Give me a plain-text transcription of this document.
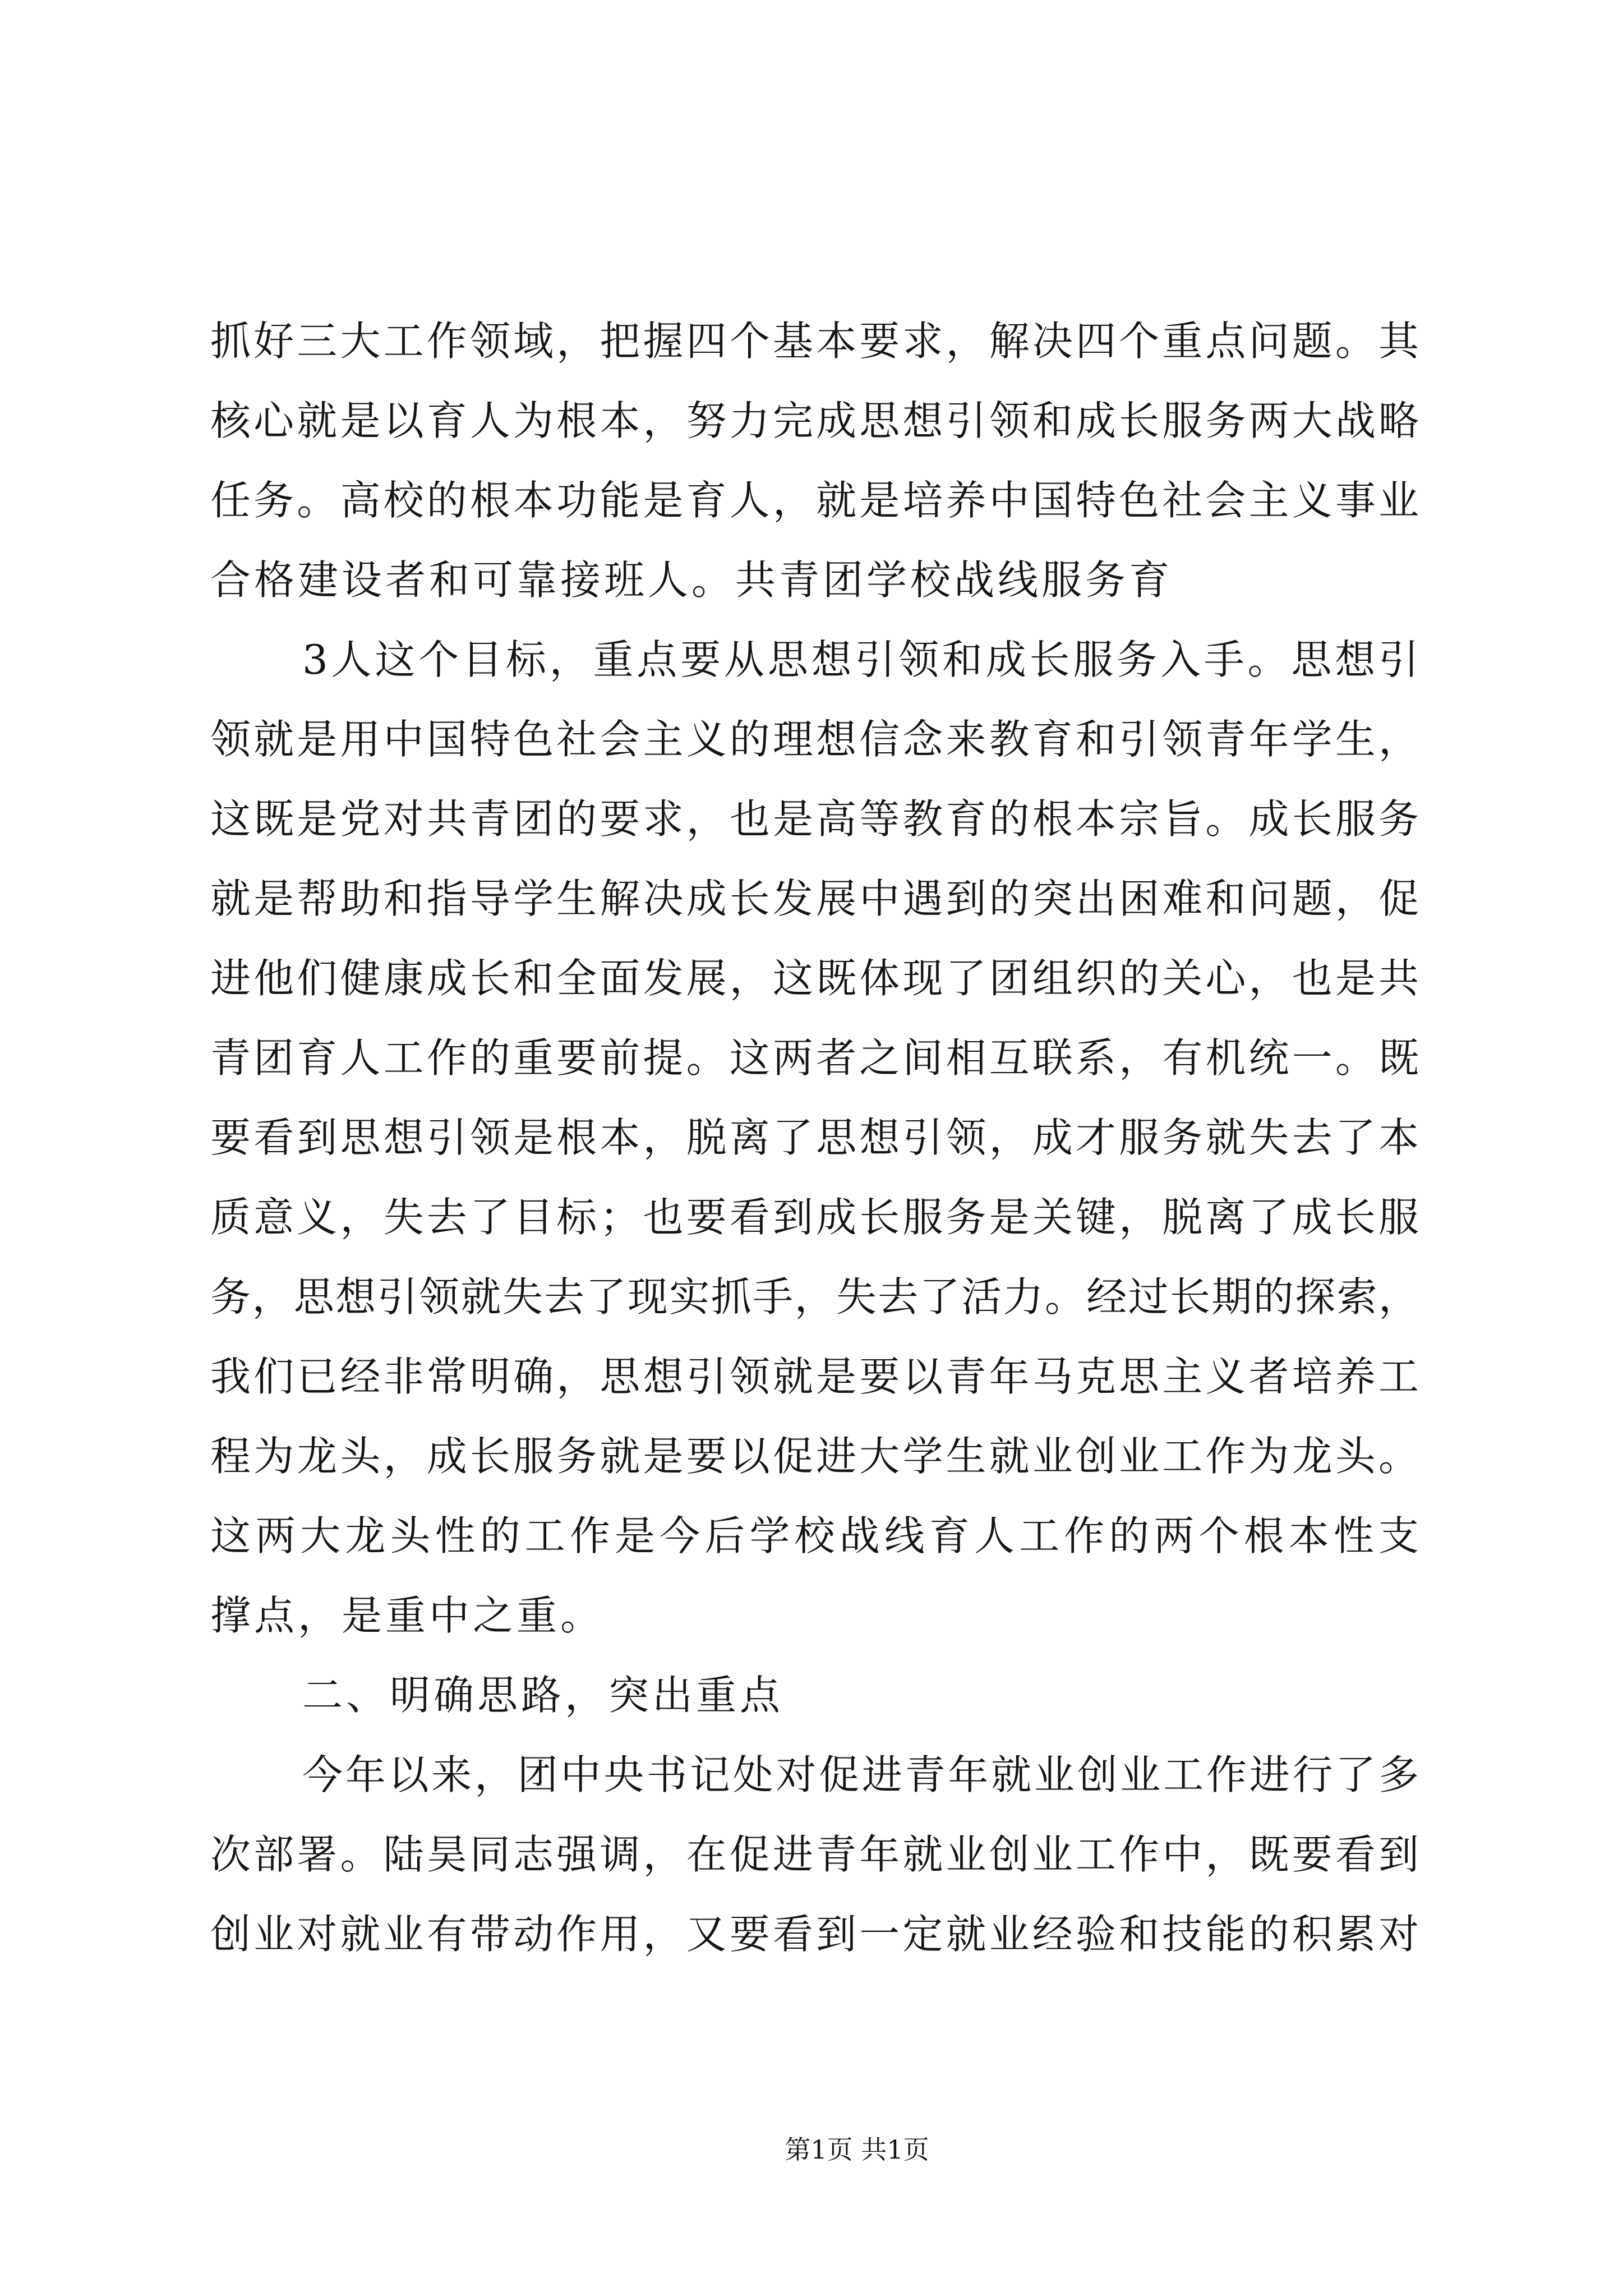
抓好三大工作领域，把握四个基本要求，解决四个重点问题。其
核心就是以育人为根本，努力完成思想引领和成长服务两大战略
任务。高校的根本功能是育人，就是培养中国特色社会主义事业
合格建设者和可靠接班人。共青团学校战线服务育
3人这个目标，重点要从思想引领和成长服务入手。思想引
领就是用中国特色社会主义的理想信念来教育和引领青年学生，
这既是党对共青团的要求，也是高等教育的根本宗旨。成长服务
就是帮助和指导学生解决成长发展中遇到的突出困难和问题，促
进他们健康成长和全面发展，这既体现了团组织的关心，也是共
青团育人工作的重要前提。这两者之间相互联系，有机统一。既
要看到思想引领是根本，脱离了思想引领，成才服务就失去了本
质意义，失去了目标；也要看到成长服务是关键，脱离了成长服
务，思想引领就失去了现实抓手，失去了活力。经过长期的探索，
我们已经非常明确，思想引领就是要以青年马克思主义者培养工
程为龙头，成长服务就是要以促进大学生就业创业工作为龙头。
这两大龙头性的工作是今后学校战线育人工作的两个根本性支
撑点，是重中之重。
二、明确思路，突出重点
今年以来，团中央书记处对促进青年就业创业工作进行了多
次部署。陆昊同志强调，在促进青年就业创业工作中，既要看到
创业对就业有带动作用，又要看到一定就业经验和技能的积累对
第1页 共1页
